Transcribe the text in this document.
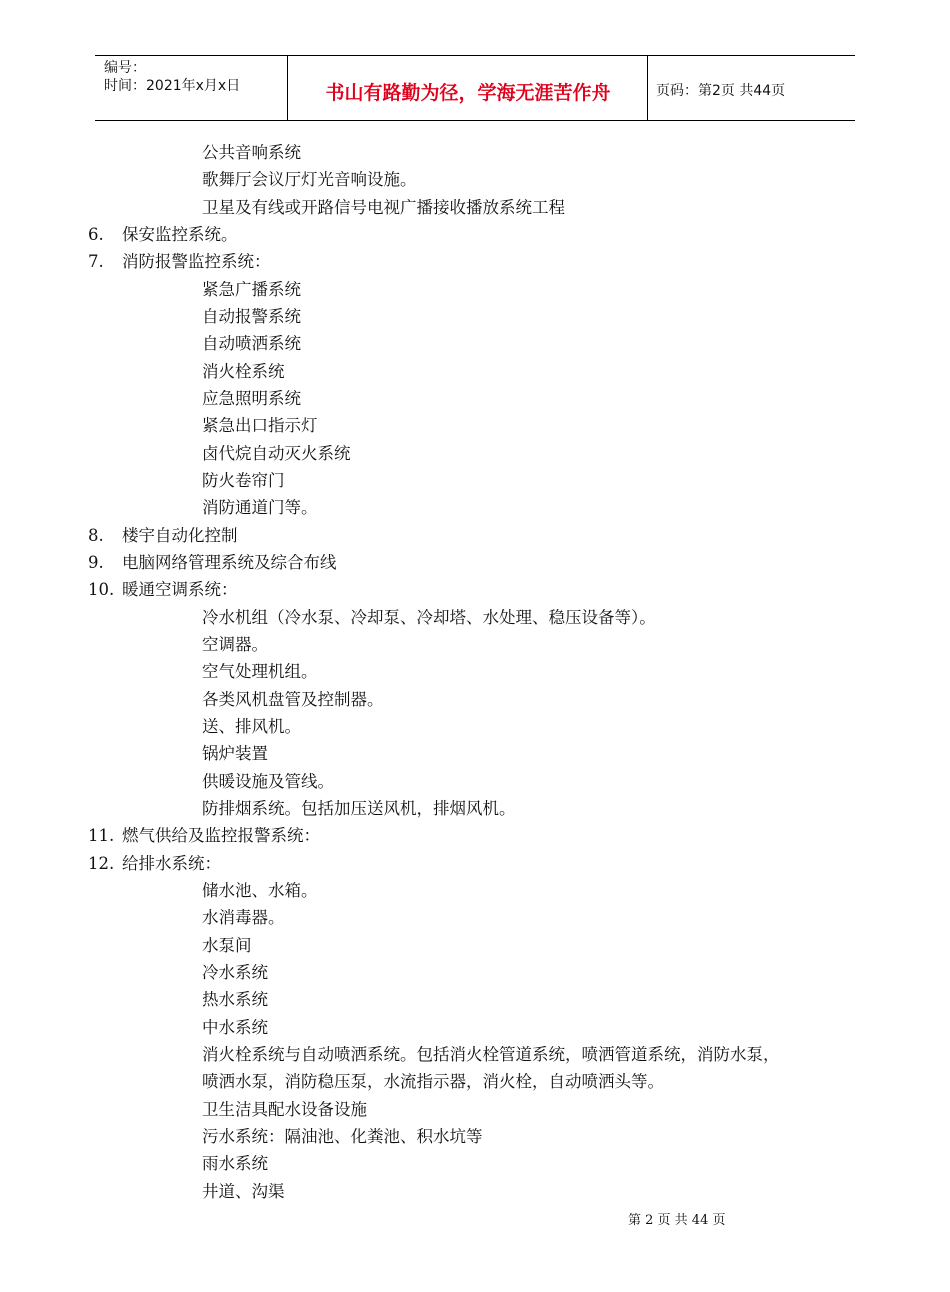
编号：
时间：2021年x月x日	书山有路勤为径，学海无涯苦作舟	页码：第2页 共44页
公共音响系统
歌舞厅会议厅灯光音响设施。
卫星及有线或开路信号电视广播接收播放系统工程
6. 保安监控系统。
7. 消防报警监控系统：
紧急广播系统
自动报警系统
自动喷洒系统
消火栓系统
应急照明系统
紧急出口指示灯
卤代烷自动灭火系统
防火卷帘门
消防通道门等。
8. 楼宇自动化控制
9. 电脑网络管理系统及综合布线
10. 暖通空调系统：
冷水机组（冷水泵、冷却泵、冷却塔、水处理、稳压设备等）。
空调器。
空气处理机组。
各类风机盘管及控制器。
送、排风机。
锅炉装置
供暖设施及管线。
防排烟系统。包括加压送风机，排烟风机。
11. 燃气供给及监控报警系统：
12. 给排水系统：
储水池、水箱。
水消毒器。
水泵间
冷水系统
热水系统
中水系统
消火栓系统与自动喷洒系统。包括消火栓管道系统，喷洒管道系统，消防水泵，
喷洒水泵，消防稳压泵，水流指示器，消火栓，自动喷洒头等。
卫生洁具配水设备设施
污水系统：隔油池、化粪池、积水坑等
雨水系统
井道、沟渠
第 2 页 共 44 页
